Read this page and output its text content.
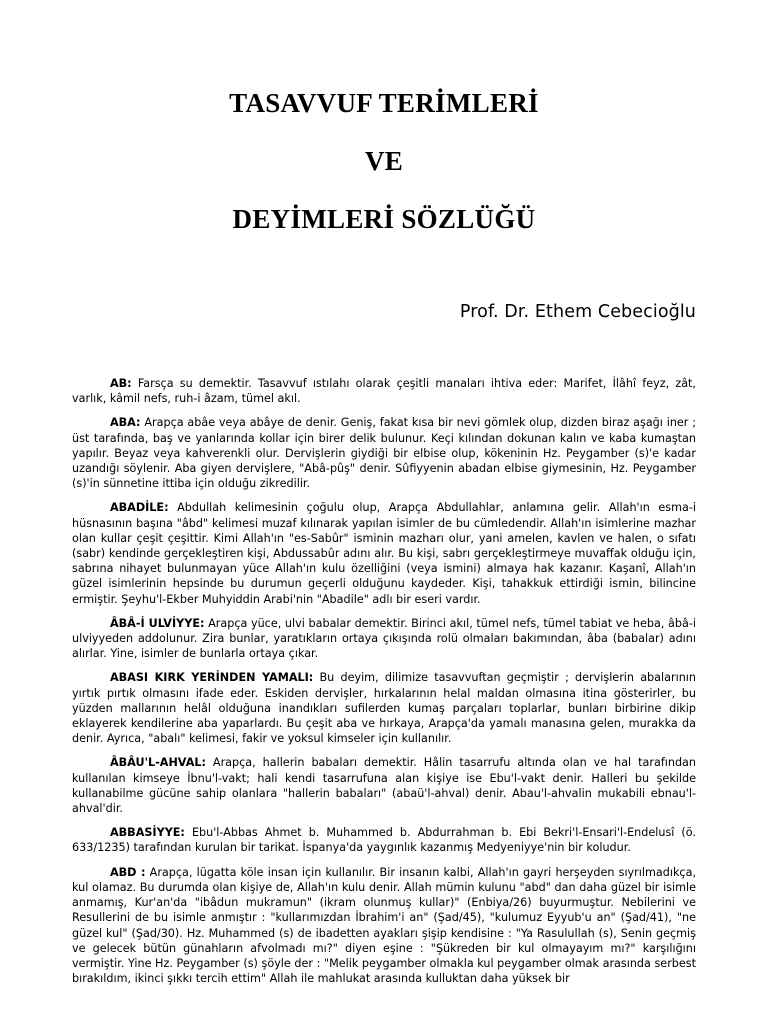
TASAVVUF TERİMLERİ

VE

DEYİMLERİ SÖZLÜĞÜ

Prof. Dr. Ethem Cebecioğlu

AB: Farsça su demektir. Tasavvuf ıstılahı olarak çeşitli manaları ihtiva eder: Marifet, İlâhî feyz, zât, varlık, kâmil nefs, ruh-i âzam, tümel akıl.

ABA: Arapça abâe veya abâye de denir. Geniş, fakat kısa bir nevi gömlek olup, dizden biraz aşağı iner ; üst tarafında, baş ve yanlarında kollar için birer delik bulunur. Keçi kılından dokunan kalın ve kaba kumaştan yapılır. Beyaz veya kahverenkli olur. Dervişlerin giydiği bir elbise olup, kökeninin Hz. Peygamber (s)'e kadar uzandığı söylenir. Aba giyen dervişlere, "Abâ-pûş" denir. Sûfiyyenin abadan elbise giymesinin, Hz. Peygamber (s)'in sünnetine ittiba için olduğu zikredilir.

ABADİLE: Abdullah kelimesinin çoğulu olup, Arapça Abdullahlar, anlamına gelir. Allah'ın esma-i hüsnasının başına "âbd" kelimesi muzaf kılınarak yapılan isimler de bu cümledendir. Allah'ın isimlerine mazhar olan kullar çeşit çeşittir. Kimi Allah'ın "es-Sabûr" isminin mazharı olur, yani amelen, kavlen ve halen, o sıfatı (sabr) kendinde gerçekleştiren kişi, Abdussabûr adını alır. Bu kişi, sabrı gerçekleştirmeye muvaffak olduğu için, sabrına nihayet bulunmayan yüce Allah'ın kulu özelliğini (veya ismini) almaya hak kazanır. Kaşanî, Allah'ın güzel isimlerinin hepsinde bu durumun geçerli olduğunu kaydeder. Kişi, tahakkuk ettirdiği ismin, bilincine ermiştir. Şeyhu'l-Ekber Muhyiddin Arabi'nin "Abadile" adlı bir eseri vardır.

ÂBÂ-İ ULVİYYE: Arapça yüce, ulvi babalar demektir. Birinci akıl, tümel nefs, tümel tabiat ve heba, âbâ-i ulviyyeden addolunur. Zira bunlar, yaratıkların ortaya çıkışında rolü olmaları bakımından, âba (babalar) adını alırlar. Yine, isimler de bunlarla ortaya çıkar.

ABASI KIRK YERİNDEN YAMALI: Bu deyim, dilimize tasavvuftan geçmiştir ; dervişlerin abalarının yırtık pırtık olmasını ifade eder. Eskiden dervişler, hırkalarının helal maldan olmasına itina gösterirler, bu yüzden mallarının helâl olduğuna inandıkları sufilerden kumaş parçaları toplarlar, bunları birbirine dikip eklayerek kendilerine aba yaparlardı. Bu çeşit aba ve hırkaya, Arapça'da yamalı manasına gelen, murakka da denir. Ayrıca, "abalı" kelimesi, fakir ve yoksul kimseler için kullanılır.

ÂBÂU'L-AHVAL: Arapça, hallerin babaları demektir. Hâlin tasarrufu altında olan ve hal tarafından kullanılan kimseye İbnu'l-vakt; hali kendi tasarrufuna alan kişiye ise Ebu'l-vakt denir. Halleri bu şekilde kullanabilme gücüne sahip olanlara "hallerin babaları" (abaü'l-ahval) denir. Abau'l-ahvalin mukabili ebnau'l-ahval'dir.

ABBASİYYE: Ebu'l-Abbas Ahmet b. Muhammed b. Abdurrahman b. Ebi Bekri'l-Ensari'l-Endelusî (ö. 633/1235) tarafından kurulan bir tarikat. İspanya'da yaygınlık kazanmış Medyeniyye'nin bir koludur.

ABD : Arapça, lügatta köle insan için kullanılır. Bir insanın kalbi, Allah'ın gayri herşeyden sıyrılmadıkça, kul olamaz. Bu durumda olan kişiye de, Allah'ın kulu denir. Allah mümin kulunu "abd" dan daha güzel bir isimle anmamış, Kur'an'da "ibâdun mukramun" (ikram olunmuş kullar)" (Enbiya/26) buyurmuştur. Nebilerini ve Resullerini de bu isimle anmıştır : "kullarımızdan İbrahim'i an" (Şad/45), "kulumuz Eyyub'u an" (Şad/41), "ne güzel kul" (Şad/30). Hz. Muhammed (s) de ibadetten ayakları şişip kendisine : "Ya Rasulullah (s), Senin geçmiş ve gelecek bütün günahların afvolmadı mı?" diyen eşine : "Şükreden bir kul olmayayım mı?" karşılığını vermiştir. Yine Hz. Peygamber (s) şöyle der : "Melik peygamber olmakla kul peygamber olmak arasında serbest bırakıldım, ikinci şıkkı tercih ettim" Allah ile mahlukat arasında kulluktan daha yüksek bir
